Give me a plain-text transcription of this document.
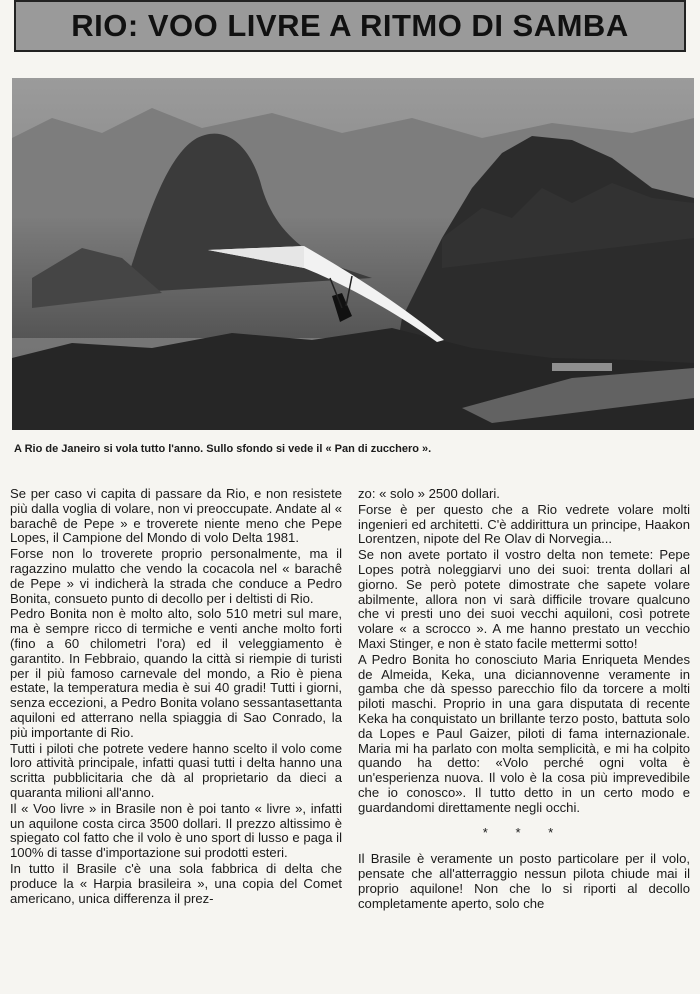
RIO: VOO LIVRE A RITMO DI SAMBA
A Rio de Janeiro si vola tutto l'anno. Sullo sfondo si vede il « Pan di zucchero ».

Se per caso vi capita di passare da Rio, e non resistete più dalla voglia di volare, non vi preoccupate. Andate al « barachê de Pepe » e troverete niente meno che Pepe Lopes, il Campione del Mondo di volo Delta 1981.

Forse non lo troverete proprio personalmente, ma il ragazzino mulatto che vendo la cocacola nel « barachê de Pepe » vi indicherà la strada che conduce a Pedro Bonita, consueto punto di decollo per i deltisti di Rio.

Pedro Bonita non è molto alto, solo 510 metri sul mare, ma è sempre ricco di termiche e venti anche molto forti (fino a 60 chilometri l'ora) ed il veleggiamento è garantito. In Febbraio, quando la città si riempie di turisti per il più famoso carnevale del mondo, a Rio è piena estate, la temperatura media è sui 40 gradi! Tutti i giorni, senza eccezioni, a Pedro Bonita volano sessantasettanta aquiloni ed atterrano nella spiaggia di Sao Conrado, la più importante di Rio.

Tutti i piloti che potrete vedere hanno scelto il volo come loro attività principale, infatti quasi tutti i delta hanno una scritta pubblicitaria che dà al proprietario da dieci a quaranta milioni all'anno.

Il « Voo livre » in Brasile non è poi tanto « livre », infatti un aquilone costa circa 3500 dollari. Il prezzo altissimo è spiegato col fatto che il volo è uno sport di lusso e paga il 100% di tasse d'importazione sui prodotti esteri.

In tutto il Brasile c'è una sola fabbrica di delta che produce la « Harpia brasileira », una copia del Comet americano, unica differenza il prez-

zo: « solo » 2500 dollari.

Forse è per questo che a Rio vedrete volare molti ingenieri ed architetti. C'è addirittura un principe, Haakon Lorentzen, nipote del Re Olav di Norvegia...

Se non avete portato il vostro delta non temete: Pepe Lopes potrà noleggiarvi uno dei suoi: trenta dollari al giorno. Se però potete dimostrate che sapete volare abilmente, allora non vi sarà difficile trovare qualcuno che vi presti uno dei suoi vecchi aquiloni, così potrete volare « a scrocco ». A me hanno prestato un vecchio Maxi Stinger, e non è stato facile mettermi sotto!

A Pedro Bonita ho conosciuto Maria Enriqueta Mendes de Almeida, Keka, una diciannovenne veramente in gamba che dà spesso parecchio filo da torcere a molti piloti maschi. Proprio in una gara disputata di recente Keka ha conquistato un brillante terzo posto, battuta solo da Lopes e Paul Gaizer, piloti di fama internazionale. Maria mi ha parlato con molta semplicità, e mi ha colpito quando ha detto: «Volo perché ogni volta è un'esperienza nuova. Il volo è la cosa più imprevedibile che io conosco». Il tutto detto in un certo modo e guardandomi direttamente negli occhi.

* * *

Il Brasile è veramente un posto particolare per il volo, pensate che all'atterraggio nessun pilota chiude mai il proprio aquilone! Non che lo si riporti al decollo completamente aperto, solo che
